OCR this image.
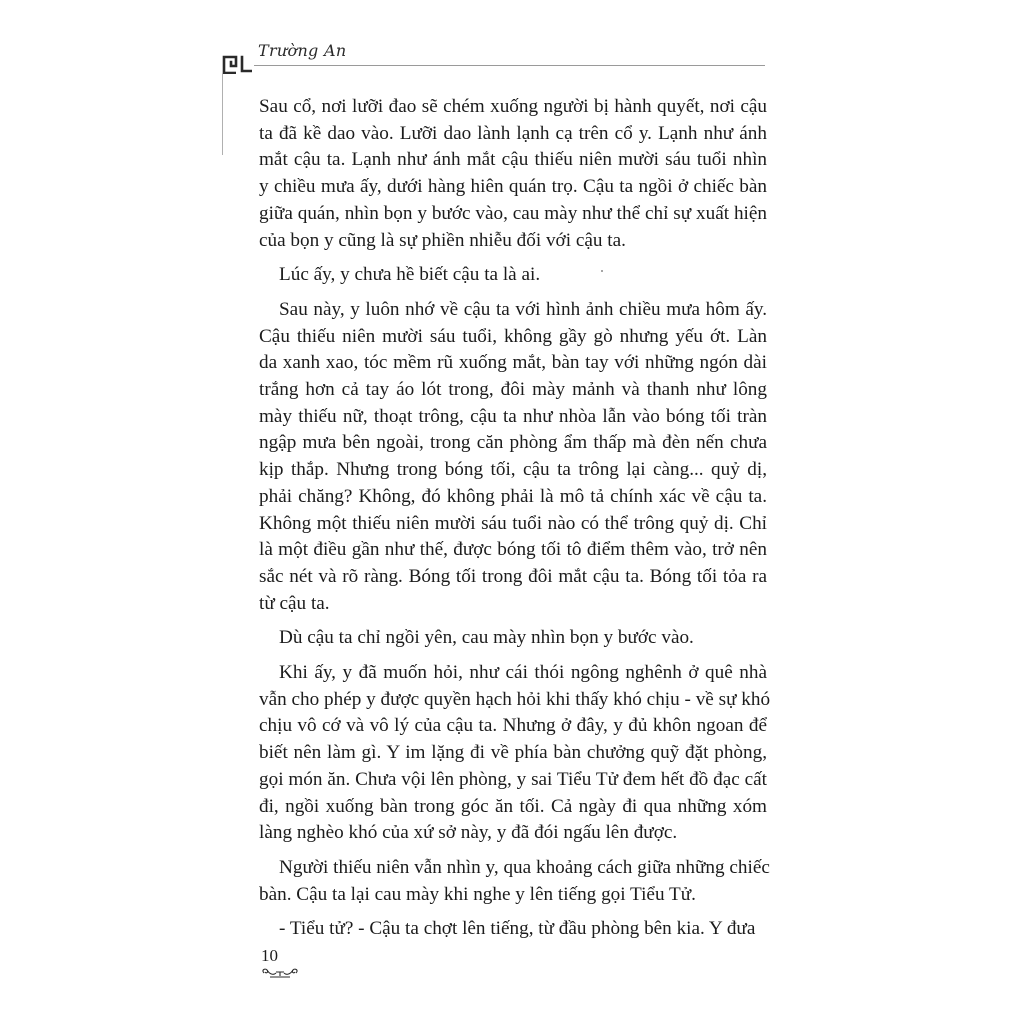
Trường An
Sau cổ, nơi lưỡi đao sẽ chém xuống người bị hành quyết, nơi cậu
ta đã kề dao vào. Lưỡi dao lành lạnh cạ trên cổ y. Lạnh như ánh
mắt cậu ta. Lạnh như ánh mắt cậu thiếu niên mười sáu tuổi nhìn
y chiều mưa ấy, dưới hàng hiên quán trọ. Cậu ta ngồi ở chiếc bàn
giữa quán, nhìn bọn y bước vào, cau mày như thể chỉ sự xuất hiện
của bọn y cũng là sự phiền nhiễu đối với cậu ta.
Lúc ấy, y chưa hề biết cậu ta là ai.
Sau này, y luôn nhớ về cậu ta với hình ảnh chiều mưa hôm ấy.
Cậu thiếu niên mười sáu tuổi, không gầy gò nhưng yếu ớt. Làn
da xanh xao, tóc mềm rũ xuống mắt, bàn tay với những ngón dài
trắng hơn cả tay áo lót trong, đôi mày mảnh và thanh như lông
mày thiếu nữ, thoạt trông, cậu ta như nhòa lẫn vào bóng tối tràn
ngập mưa bên ngoài, trong căn phòng ẩm thấp mà đèn nến chưa
kịp thắp. Nhưng trong bóng tối, cậu ta trông lại càng... quỷ dị,
phải chăng? Không, đó không phải là mô tả chính xác về cậu ta.
Không một thiếu niên mười sáu tuổi nào có thể trông quỷ dị. Chỉ
là một điều gần như thế, được bóng tối tô điểm thêm vào, trở nên
sắc nét và rõ ràng. Bóng tối trong đôi mắt cậu ta. Bóng tối tỏa ra
từ cậu ta.
Dù cậu ta chỉ ngồi yên, cau mày nhìn bọn y bước vào.
Khi ấy, y đã muốn hỏi, như cái thói ngông nghênh ở quê nhà
vẫn cho phép y được quyền hạch hỏi khi thấy khó chịu - về sự khó
chịu vô cớ và vô lý của cậu ta. Nhưng ở đây, y đủ khôn ngoan để
biết nên làm gì. Y im lặng đi về phía bàn chưởng quỹ đặt phòng,
gọi món ăn. Chưa vội lên phòng, y sai Tiểu Tử đem hết đồ đạc cất
đi, ngồi xuống bàn trong góc ăn tối. Cả ngày đi qua những xóm
làng nghèo khó của xứ sở này, y đã đói ngấu lên được.
Người thiếu niên vẫn nhìn y, qua khoảng cách giữa những chiếc
bàn. Cậu ta lại cau mày khi nghe y lên tiếng gọi Tiểu Tử.
- Tiểu tử? - Cậu ta chợt lên tiếng, từ đầu phòng bên kia. Y đưa
10
